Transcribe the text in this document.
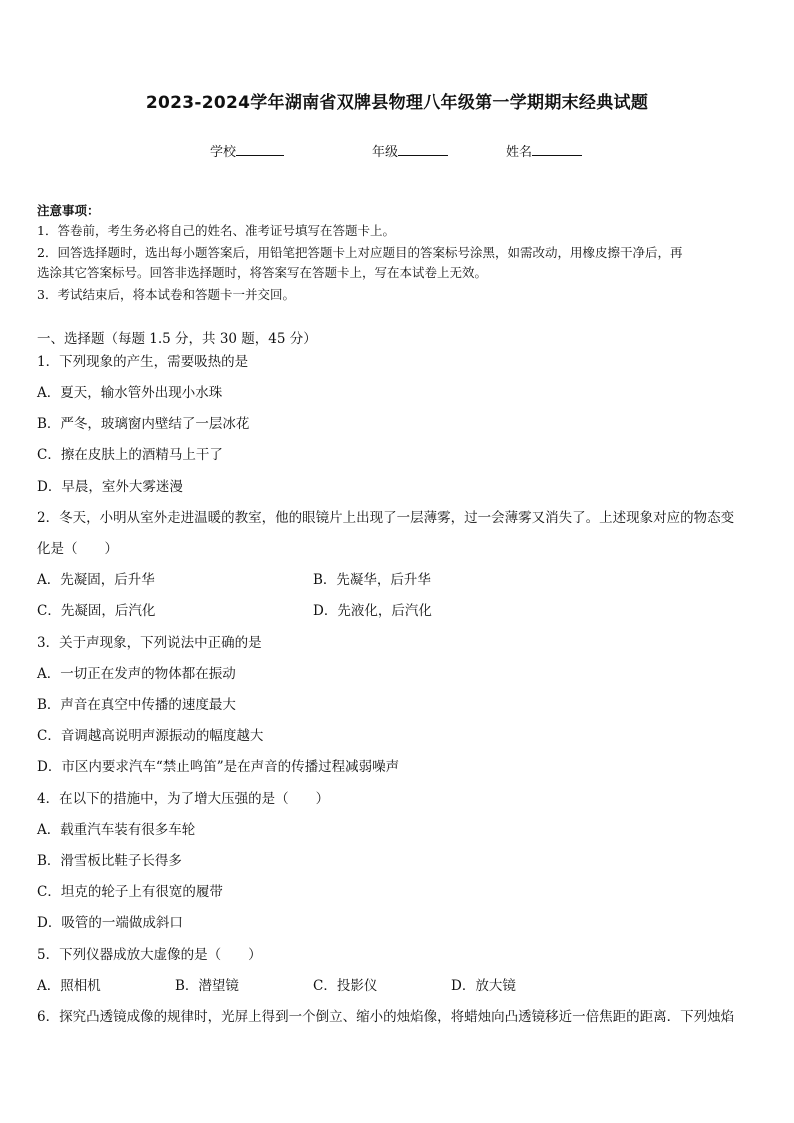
2023-2024学年湖南省双牌县物理八年级第一学期期末经典试题
学校	年级	姓名
注意事项：
1．答卷前，考生务必将自己的姓名、准考证号填写在答题卡上。
2．回答选择题时，选出每小题答案后，用铅笔把答题卡上对应题目的答案标号涂黑，如需改动，用橡皮擦干净后，再
选涂其它答案标号。回答非选择题时，将答案写在答题卡上，写在本试卷上无效。
3．考试结束后，将本试卷和答题卡一并交回。
一、选择题（每题 1.5 分，共 30 题，45 分）
1．下列现象的产生，需要吸热的是
A．夏天，输水管外出现小水珠
B．严冬，玻璃窗内壁结了一层冰花
C．擦在皮肤上的酒精马上干了
D．早晨，室外大雾迷漫
2．冬天，小明从室外走进温暖的教室，他的眼镜片上出现了一层薄雾，过一会薄雾又消失了。上述现象对应的物态变
化是（　　）
A．先凝固，后升华	B．先凝华，后升华
C．先凝固，后汽化	D．先液化，后汽化
3．关于声现象，下列说法中正确的是
A．一切正在发声的物体都在振动
B．声音在真空中传播的速度最大
C．音调越高说明声源振动的幅度越大
D．市区内要求汽车“禁止鸣笛”是在声音的传播过程减弱噪声
4．在以下的措施中，为了增大压强的是（　　）
A．载重汽车装有很多车轮
B．滑雪板比鞋子长得多
C．坦克的轮子上有很宽的履带
D．吸管的一端做成斜口
5．下列仪器成放大虚像的是（　　）
A．照相机	B．潜望镜	C．投影仪	D．放大镜
6．探究凸透镜成像的规律时，光屏上得到一个倒立、缩小的烛焰像，将蜡烛向凸透镜移近一倍焦距的距离．下列烛焰
